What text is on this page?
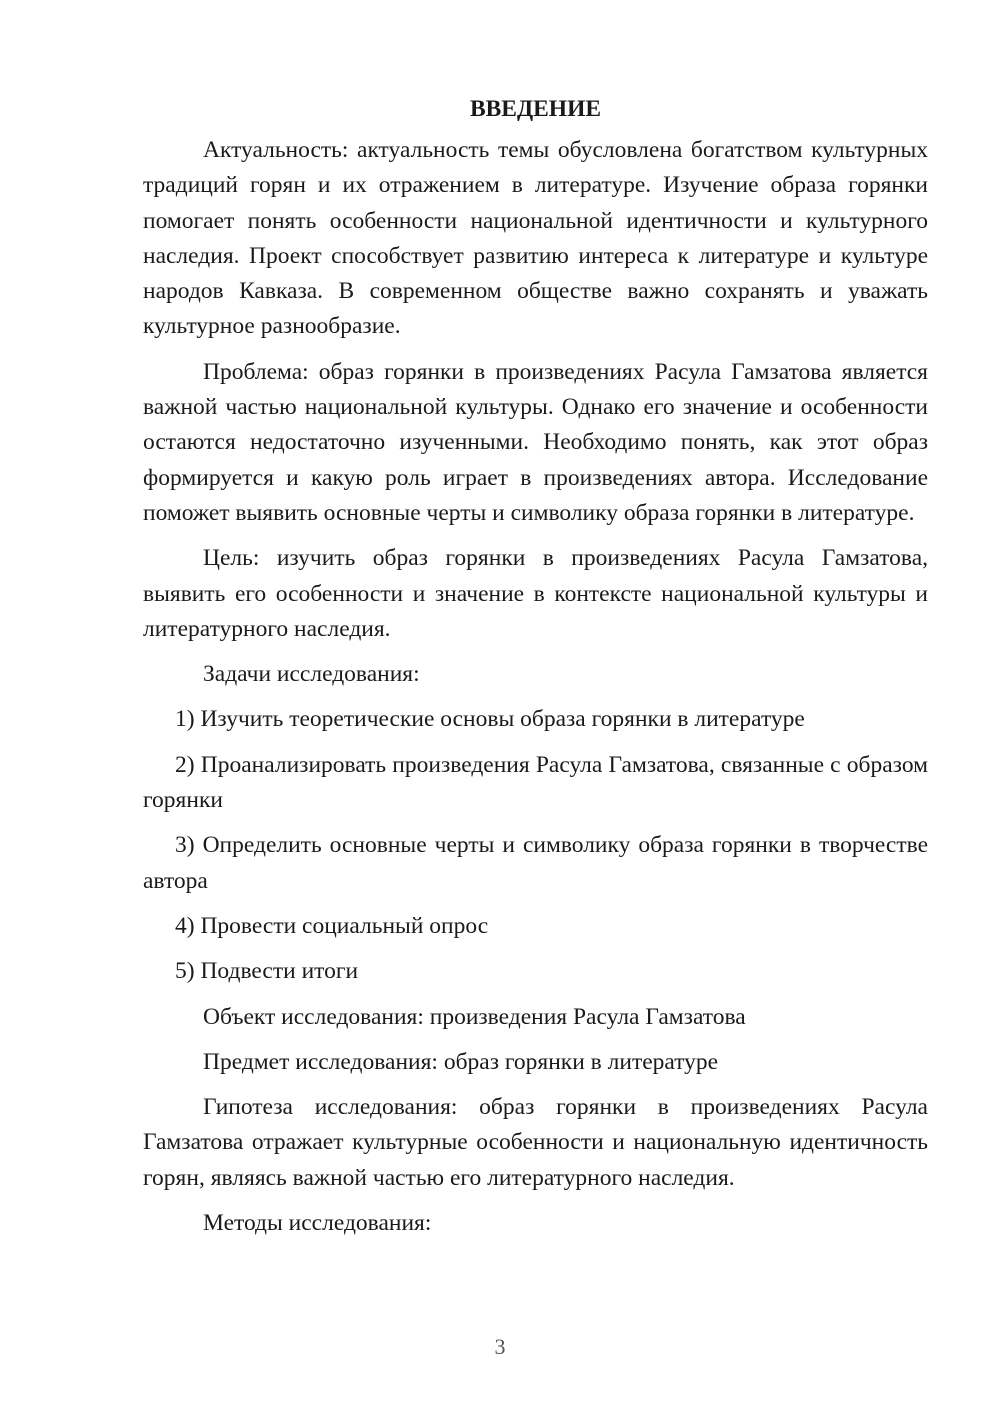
ВВЕДЕНИЕ

Актуальность: актуальность темы обусловлена богатством культурных традиций горян и их отражением в литературе. Изучение образа горянки помогает понять особенности национальной идентичности и культурного наследия. Проект способствует развитию интереса к литературе и культуре народов Кавказа. В современном обществе важно сохранять и уважать культурное разнообразие.

Проблема: образ горянки в произведениях Расула Гамзатова является важной частью национальной культуры. Однако его значение и особенности остаются недостаточно изученными. Необходимо понять, как этот образ формируется и какую роль играет в произведениях автора. Исследование поможет выявить основные черты и символику образа горянки в литературе.

Цель: изучить образ горянки в произведениях Расула Гамзатова, выявить его особенности и значение в контексте национальной культуры и литературного наследия.

Задачи исследования:

1) Изучить теоретические основы образа горянки в литературе

2) Проанализировать произведения Расула Гамзатова, связанные с образом горянки

3) Определить основные черты и символику образа горянки в творчестве автора

4) Провести социальный опрос

5) Подвести итоги

Объект исследования: произведения Расула Гамзатова

Предмет исследования: образ горянки в литературе

Гипотеза исследования: образ горянки в произведениях Расула Гамзатова отражает культурные особенности и национальную идентичность горян, являясь важной частью его литературного наследия.

Методы исследования:

3
